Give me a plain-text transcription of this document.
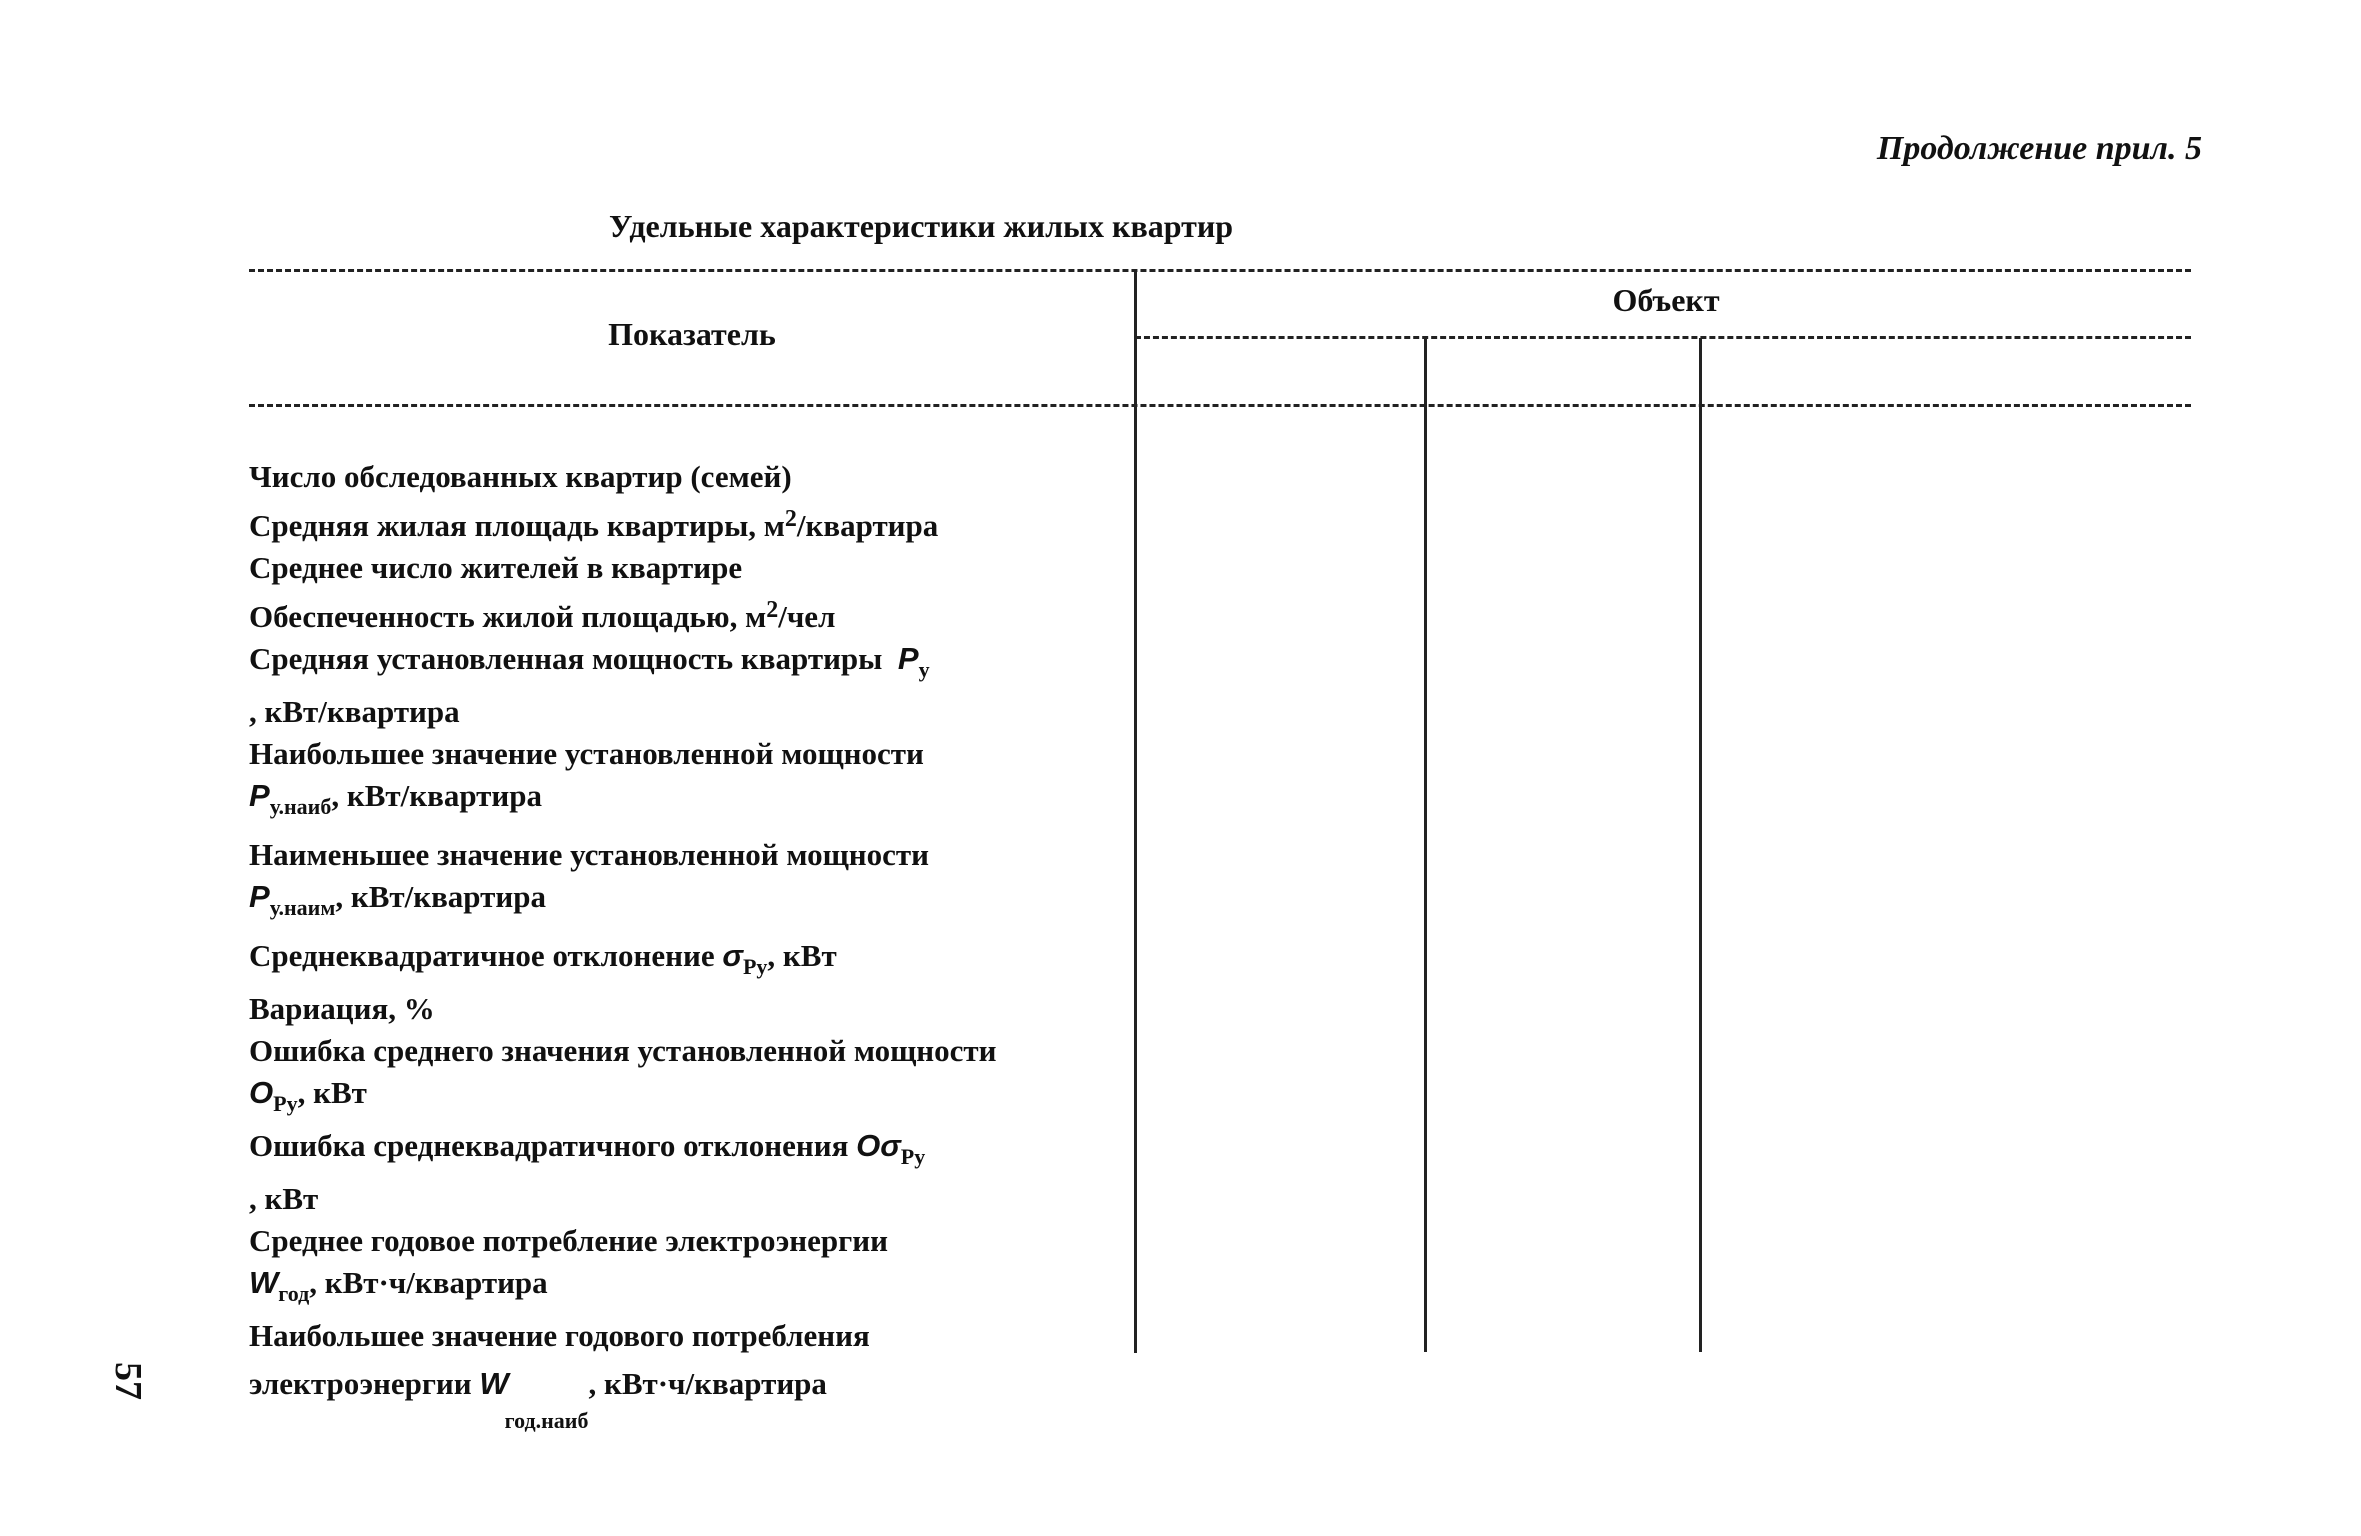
Продолжение прил. 5
Удельные характеристики жилых квартир
Показатель
Объект
Число обследованных квартир (семей)
Средняя жилая площадь квартиры, $м^2$/квартира
Среднее число жителей в квартире
Обеспеченность жилой площадью, $м^2$/чел
Средняя установленная мощность квартиры $P_у$
, кВт/квартира
Наибольшее значение установленной мощности
$P_{у.наиб}$, кВт/квартира
Наименьшее значение установленной мощности
$P_{у.наим}$, кВт/квартира
Среднеквадратичное отклонение $\sigma_{Pу}$, кВт
Вариация, %
Ошибка среднего значения установленной мощности
$O_{Pу}$, кВт
Ошибка среднеквадратичного отклонения $O\sigma_{Pу}$
, кВт
Среднее годовое потребление электроэнергии
$W_{год}$, кВт·ч/квартира
Наибольшее значение годового потребления
электроэнергии $W_{год.наиб}$, кВт·ч/квартира
57
